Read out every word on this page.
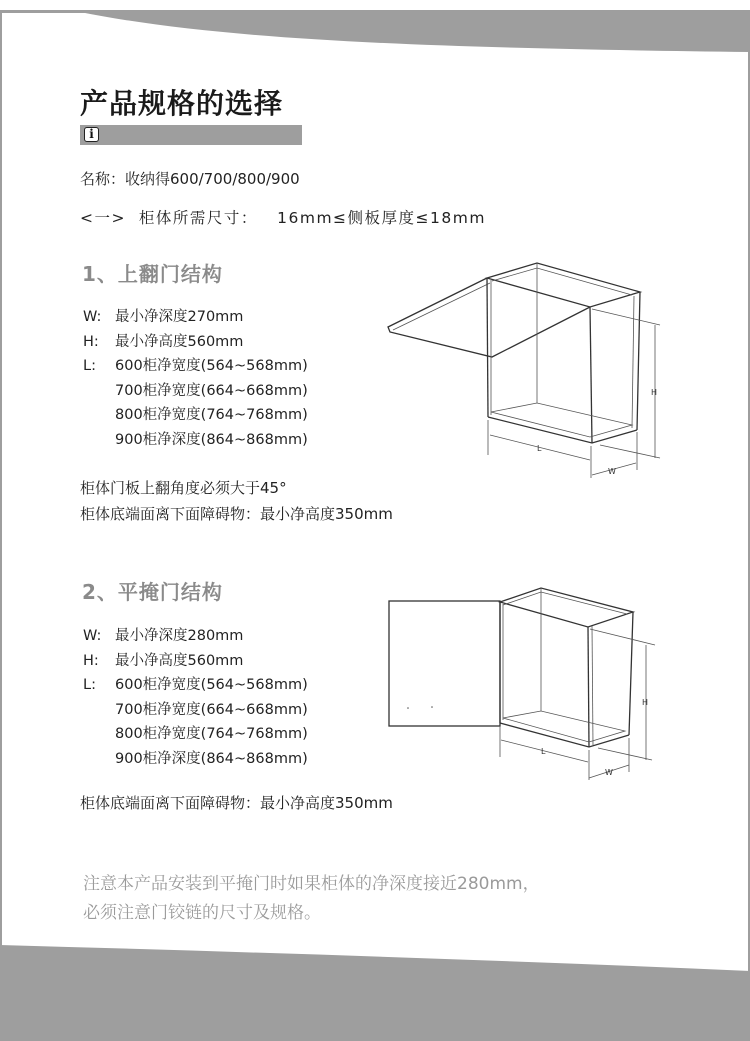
产品规格的选择
i

名称：收纳得600/700/800/900

<一> 柜体所需尺寸： 16mm≤侧板厚度≤18mm

1、上翻门结构
W: 最小净深度270mm
H: 最小净高度560mm
L: 600柜净宽度(564~568mm)
700柜净宽度(664~668mm)
800柜净宽度(764~768mm)
900柜净深度(864~868mm)

柜体门板上翻角度必须大于45°

柜体底端面离下面障碍物：最小净高度350mm

H
L
W
2、平掩门结构
W: 最小净深度280mm
H: 最小净高度560mm
L: 600柜净宽度(564~568mm)
700柜净宽度(664~668mm)
800柜净宽度(764~768mm)
900柜净深度(864~868mm)

柜体底端面离下面障碍物：最小净高度350mm

H
L
W

注意本产品安装到平掩门时如果柜体的净深度接近280mm，
必须注意门铰链的尺寸及规格。
